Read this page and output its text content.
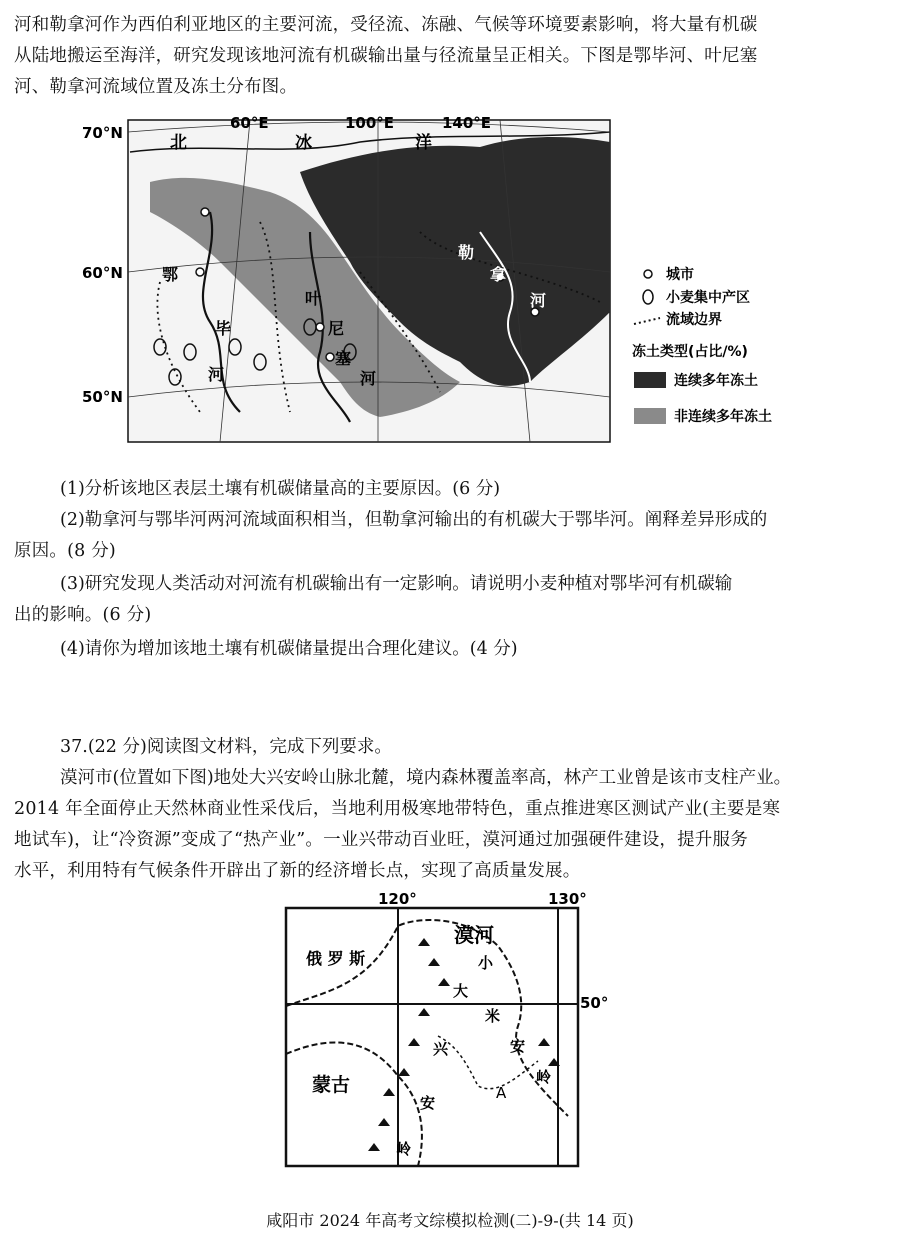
河和勒拿河作为西伯利亚地区的主要河流，受径流、冻融、气候等环境要素影响，将大量有机碳
从陆地搬运至海洋，研究发现该地河流有机碳输出量与径流量呈正相关。下图是鄂毕河、叶尼塞
河、勒拿河流域位置及冻土分布图。
60°E	100°E	140°E
70°N
60°N
50°N
北	冰	洋
鄂
毕
河
叶
尼
塞
河
勒
拿
河
城市
小麦集中产区
流域边界
冻土类型(占比/%)
连续多年冻土
非连续多年冻土
(1)分析该地区表层土壤有机碳储量高的主要原因。(6 分)
(2)勒拿河与鄂毕河两河流域面积相当，但勒拿河输出的有机碳大于鄂毕河。阐释差异形成的
原因。(8 分)
(3)研究发现人类活动对河流有机碳输出有一定影响。请说明小麦种植对鄂毕河有机碳输
出的影响。(6 分)
(4)请你为增加该地土壤有机碳储量提出合理化建议。(4 分)
37.(22 分)阅读图文材料，完成下列要求。
漠河市(位置如下图)地处大兴安岭山脉北麓，境内森林覆盖率高，林产工业曾是该市支柱产业。
2014 年全面停止天然林商业性采伐后，当地利用极寒地带特色，重点推进寒区测试产业(主要是寒
地试车)，让“冷资源”变成了“热产业”。一业兴带动百业旺，漠河通过加强硬件建设，提升服务
水平，利用特有气候条件开辟出了新的经济增长点，实现了高质量发展。
120°	130°
50°
漠河
俄 罗 斯
蒙古	A
小
大
兴
安
岭
米
安
岭
咸阳市 2024 年高考文综模拟检测(二)-9-(共 14 页)
